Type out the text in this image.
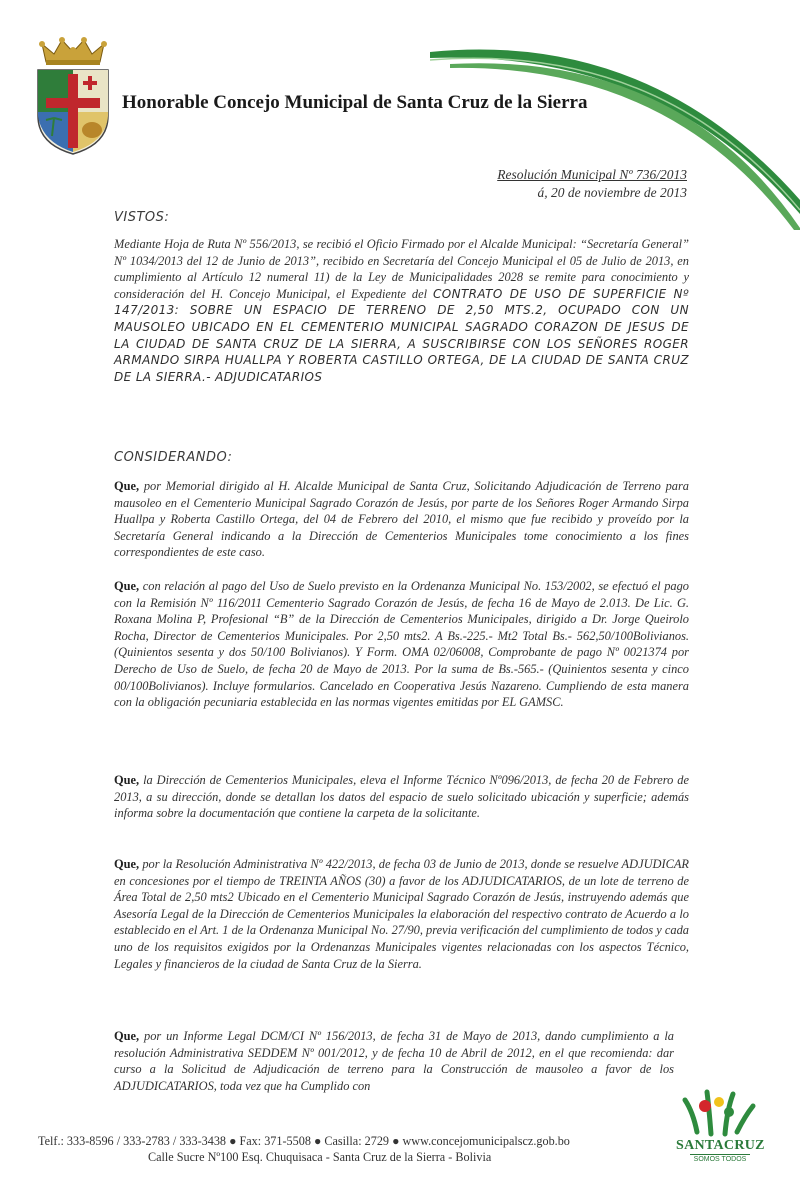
Honorable Concejo Municipal de Santa Cruz de la Sierra
Resolución Municipal Nº 736/2013
á, 20 de noviembre de 2013
VISTOS:
Mediante Hoja de Ruta Nº 556/2013, se recibió el Oficio Firmado por el Alcalde Municipal: “Secretaría General” Nº 1034/2013 del 12 de Junio de 2013”, recibido en Secretaría del Concejo Municipal el 05 de Julio de 2013, en cumplimiento al Artículo 12 numeral 11) de la Ley de Municipalidades 2028 se remite para conocimiento y consideración del H. Concejo Municipal, el Expediente del CONTRATO DE USO DE SUPERFICIE Nº 147/2013: SOBRE UN ESPACIO DE TERRENO DE 2,50 MTS.2, OCUPADO CON UN MAUSOLEO UBICADO EN EL CEMENTERIO MUNICIPAL SAGRADO CORAZON DE JESUS DE LA CIUDAD DE SANTA CRUZ DE LA SIERRA, A SUSCRIBIRSE CON LOS SEÑORES ROGER ARMANDO SIRPA HUALLPA Y ROBERTA CASTILLO ORTEGA, DE LA CIUDAD DE SANTA CRUZ DE LA SIERRA.- ADJUDICATARIOS
CONSIDERANDO:
Que, por Memorial dirigido al H. Alcalde Municipal de Santa Cruz, Solicitando Adjudicación de Terreno para mausoleo en el Cementerio Municipal Sagrado Corazón de Jesús, por parte de los Señores Roger Armando Sirpa Huallpa y Roberta Castillo Ortega, del 04 de Febrero del 2010, el mismo que fue recibido y proveído por la Secretaría General indicando a la Dirección de Cementerios Municipales tome conocimiento a los fines correspondientes de este caso.
Que, con relación al pago del Uso de Suelo previsto en la Ordenanza Municipal No. 153/2002, se efectuó el pago con la Remisión Nº 116/2011 Cementerio Sagrado Corazón de Jesús, de fecha 16 de Mayo de 2.013. De Lic. G. Roxana Molina P, Profesional “B” de la Dirección de Cementerios Municipales, dirigido a Dr. Jorge Queirolo Rocha, Director de Cementerios Municipales. Por 2,50 mts2. A Bs.-225.- Mt2 Total Bs.- 562,50/100Bolivianos. (Quinientos sesenta y dos 50/100 Bolivianos). Y Form. OMA 02/06008, Comprobante de pago Nº 0021374 por Derecho de Uso de Suelo, de fecha 20 de Mayo de 2013. Por la suma de Bs.-565.- (Quinientos sesenta y cinco 00/100Bolivianos). Incluye formularios. Cancelado en Cooperativa Jesús Nazareno. Cumpliendo de esta manera con la obligación pecuniaria establecida en las normas vigentes emitidas por EL GAMSC.
Que, la Dirección de Cementerios Municipales, eleva el Informe Técnico Nº096/2013, de fecha 20 de Febrero de 2013, a su dirección, donde se detallan los datos del espacio de suelo solicitado ubicación y superficie; además informa sobre la documentación que contiene la carpeta de la solicitante.
Que, por la Resolución Administrativa Nº 422/2013, de fecha 03 de Junio de 2013, donde se resuelve ADJUDICAR en concesiones por el tiempo de TREINTA AÑOS (30) a favor de los ADJUDICATARIOS, de un lote de terreno de Área Total de 2,50 mts2 Ubicado en el Cementerio Municipal Sagrado Corazón de Jesús, instruyendo además que Asesoría Legal de la Dirección de Cementerios Municipales la elaboración del respectivo contrato de Acuerdo a lo establecido en el Art. 1 de la Ordenanza Municipal No. 27/90, previa verificación del cumplimiento de todos y cada uno de los requisitos exigidos por la Ordenanzas Municipales vigentes relacionadas con los aspectos Técnico, Legales y financieros de la ciudad de Santa Cruz de la Sierra.
Que, por un Informe Legal DCM/CI Nº 156/2013, de fecha 31 de Mayo de 2013, dando cumplimiento a la resolución Administrativa SEDDEM Nº 001/2012, y de fecha 10 de Abril de 2012, en el que recomienda: dar curso a la Solicitud de Adjudicación de terreno para la Construcción de mausoleo a favor de los ADJUDICATARIOS, toda vez que ha Cumplido con
Telf.: 333-8596 / 333-2783 / 333-3438 ● Fax: 371-5508 ● Casilla: 2729 ● www.concejomunicipalscz.gob.bo
Calle Sucre Nº100 Esq. Chuquisaca - Santa Cruz de la Sierra - Bolivia
SANTACRUZ
SOMOS TODOS
